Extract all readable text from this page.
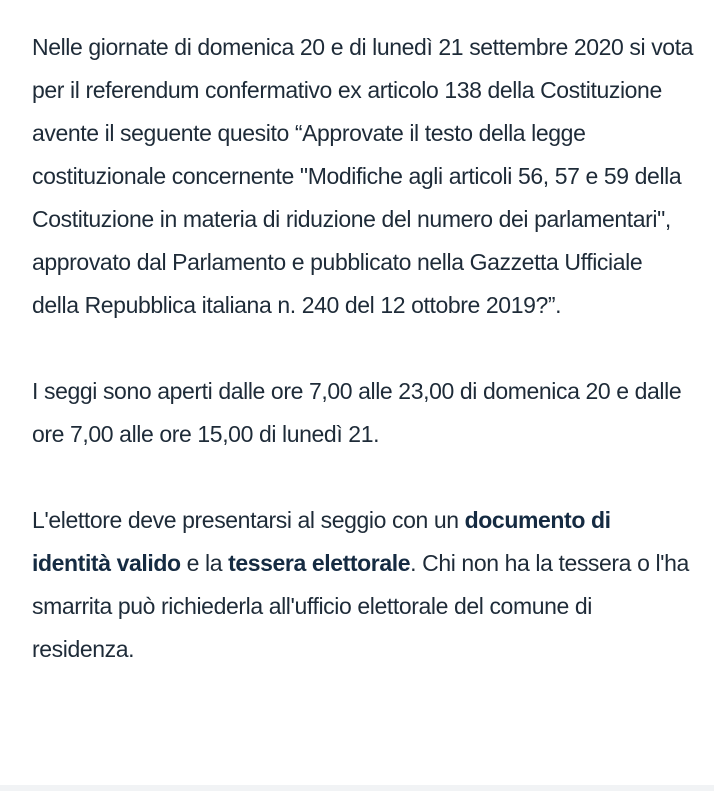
Nelle giornate di domenica 20 e di lunedì 21 settembre 2020 si vota per il referendum confermativo ex articolo 138 della Costituzione avente il seguente quesito “Approvate il testo della legge costituzionale concernente "Modifiche agli articoli 56, 57 e 59 della Costituzione in materia di riduzione del numero dei parlamentari", approvato dal Parlamento e pubblicato nella Gazzetta Ufficiale della Repubblica italiana n. 240 del 12 ottobre 2019?”.

I seggi sono aperti dalle ore 7,00 alle 23,00 di domenica 20 e dalle ore 7,00 alle ore 15,00 di lunedì 21.

L'elettore deve presentarsi al seggio con un documento di identità valido e la tessera elettorale. Chi non ha la tessera o l'ha smarrita può richiederla all'ufficio elettorale del comune di residenza.
